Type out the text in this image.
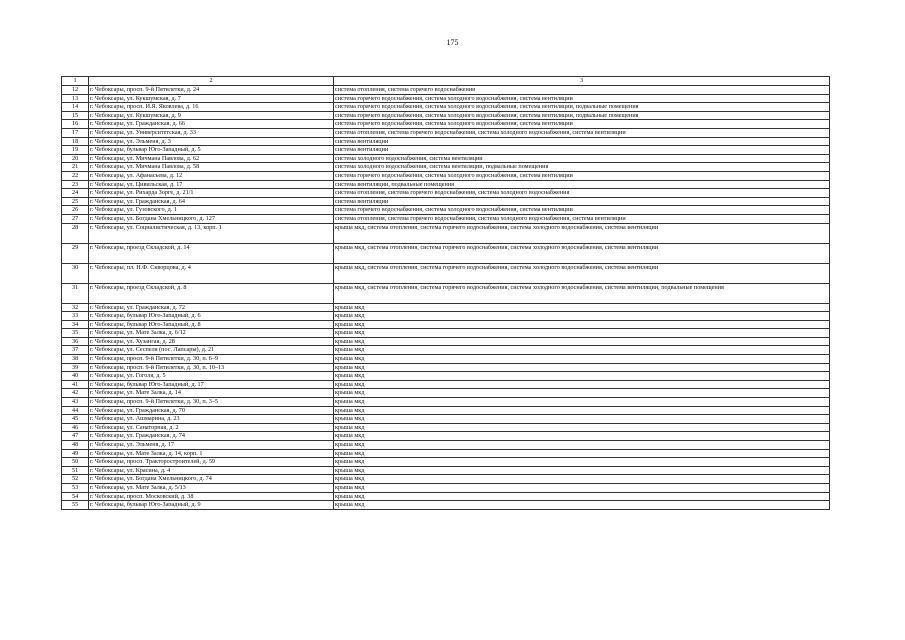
175
1	2	3
12	г. Чебоксары, просп. 9-й Пятилетки, д. 24	система отопления, система горячего водоснабжения
13	г. Чебоксары, ул. Кукшумская, д. 7	система горячего водоснабжения, система холодного водоснабжения, система вентиляции
14	г. Чебоксары, просп. И.Я. Яковлева, д. 16	система горячего водоснабжения, система холодного водоснабжения, система вентиляции, подвальные помещения
15	г. Чебоксары, ул. Кукшумская, д. 9	система горячего водоснабжения, система холодного водоснабжения, система вентиляции, подвальные помещения
16	г. Чебоксары, ул. Гражданская, д. 66	система горячего водоснабжения, система холодного водоснабжения, система вентиляции
17	г. Чебоксары, ул. Университетская, д. 33	система отопления, система горячего водоснабжения, система холодного водоснабжения, система вентиляции
18	г. Чебоксары, ул. Эльменя, д. 3	система вентиляции
19	г. Чебоксары, бульвар Юго-Западный, д. 5	система вентиляции
20	г. Чебоксары, ул. Мичмана Павлова, д. 62	система холодного водоснабжения, система вентиляции
21	г. Чебоксары, ул. Мичмана Павлова, д. 58	система холодного водоснабжения, система вентиляции, подвальные помещения
22	г. Чебоксары, ул. Афанасьева, д. 12	система горячего водоснабжения, система холодного водоснабжения, система вентиляции
23	г. Чебоксары, ул. Цивильская, д. 17	система вентиляции, подвальные помещения
24	г. Чебоксары, ул. Рихарда Зорге, д. 21/1	система отопления, система горячего водоснабжения, система холодного водоснабжения
25	г. Чебоксары, ул. Гражданская, д. 64	система вентиляции
26	г. Чебоксары, ул. Гузовского, д. 1	система горячего водоснабжения, система холодного водоснабжения, система вентиляции
27	г. Чебоксары, ул. Богдана Хмельницкого, д. 127	система отопления, система горячего водоснабжения, система холодного водоснабжения, система вентиляции
28	г. Чебоксары, ул. Социалистическая, д. 13, корп. 1	крыша мкд, система отопления, система горячего водоснабжения, система холодного водоснабжения, система вентиляции
29	г. Чебоксары, проезд Складской, д. 14	крыша мкд, система отопления, система горячего водоснабжения, система холодного водоснабжения, система вентиляции
30	г. Чебоксары, пл. Н.Ф. Скворцова, д. 4	крыша мкд, система отопления, система горячего водоснабжения, система холодного водоснабжения, система вентиляции
31	г. Чебоксары, проезд Складской, д. 8	крыша мкд, система отопления, система горячего водоснабжения, система холодного водоснабжения, система вентиляции, подвальные помещения
32	г. Чебоксары, ул. Гражданская, д. 72	крыша мкд
33	г. Чебоксары, бульвар Юго-Западный, д. 6	крыша мкд
34	г. Чебоксары, бульвар Юго-Западный, д. 8	крыша мкд
35	г. Чебоксары, ул. Мате Залка, д. 6/12	крыша мкд
36	г. Чебоксары, ул. Хузангая, д. 28	крыша мкд
37	г. Чебоксары, ул. Сеспеля (пос. Лапсары), д. 21	крыша мкд
38	г. Чебоксары, просп. 9-й Пятилетки, д. 30, п. 6–9	крыша мкд
39	г. Чебоксары, просп. 9-й Пятилетки, д. 30, п. 10–13	крыша мкд
40	г. Чебоксары, ул. Гоголя, д. 5	крыша мкд
41	г. Чебоксары, бульвар Юго-Западный, д. 17	крыша мкд
42	г. Чебоксары, ул. Мате Залка, д. 14	крыша мкд
43	г. Чебоксары, просп. 9-й Пятилетки, д. 30, п. 3–5	крыша мкд
44	г. Чебоксары, ул. Гражданская, д. 70	крыша мкд
45	г. Чебоксары, ул. Ашмарина, д. 23	крыша мкд
46	г. Чебоксары, ул. Санаторная, д. 2	крыша мкд
47	г. Чебоксары, ул. Гражданская, д. 74	крыша мкд
48	г. Чебоксары, ул. Эльменя, д. 17	крыша мкд
49	г. Чебоксары, ул. Мате Залка, д. 14, корп. 1	крыша мкд
50	г. Чебоксары, просп. Тракторостроителей, д. 59	крыша мкд
51	г. Чебоксары, ул. Красина, д. 4	крыша мкд
52	г. Чебоксары, ул. Богдана Хмельницкого, д. 74	крыша мкд
53	г. Чебоксары, ул. Мате Залка, д. 5/13	крыша мкд
54	г. Чебоксары, просп. Московский, д. 38	крыша мкд
55	г. Чебоксары, бульвар Юго-Западный, д. 9	крыша мкд
